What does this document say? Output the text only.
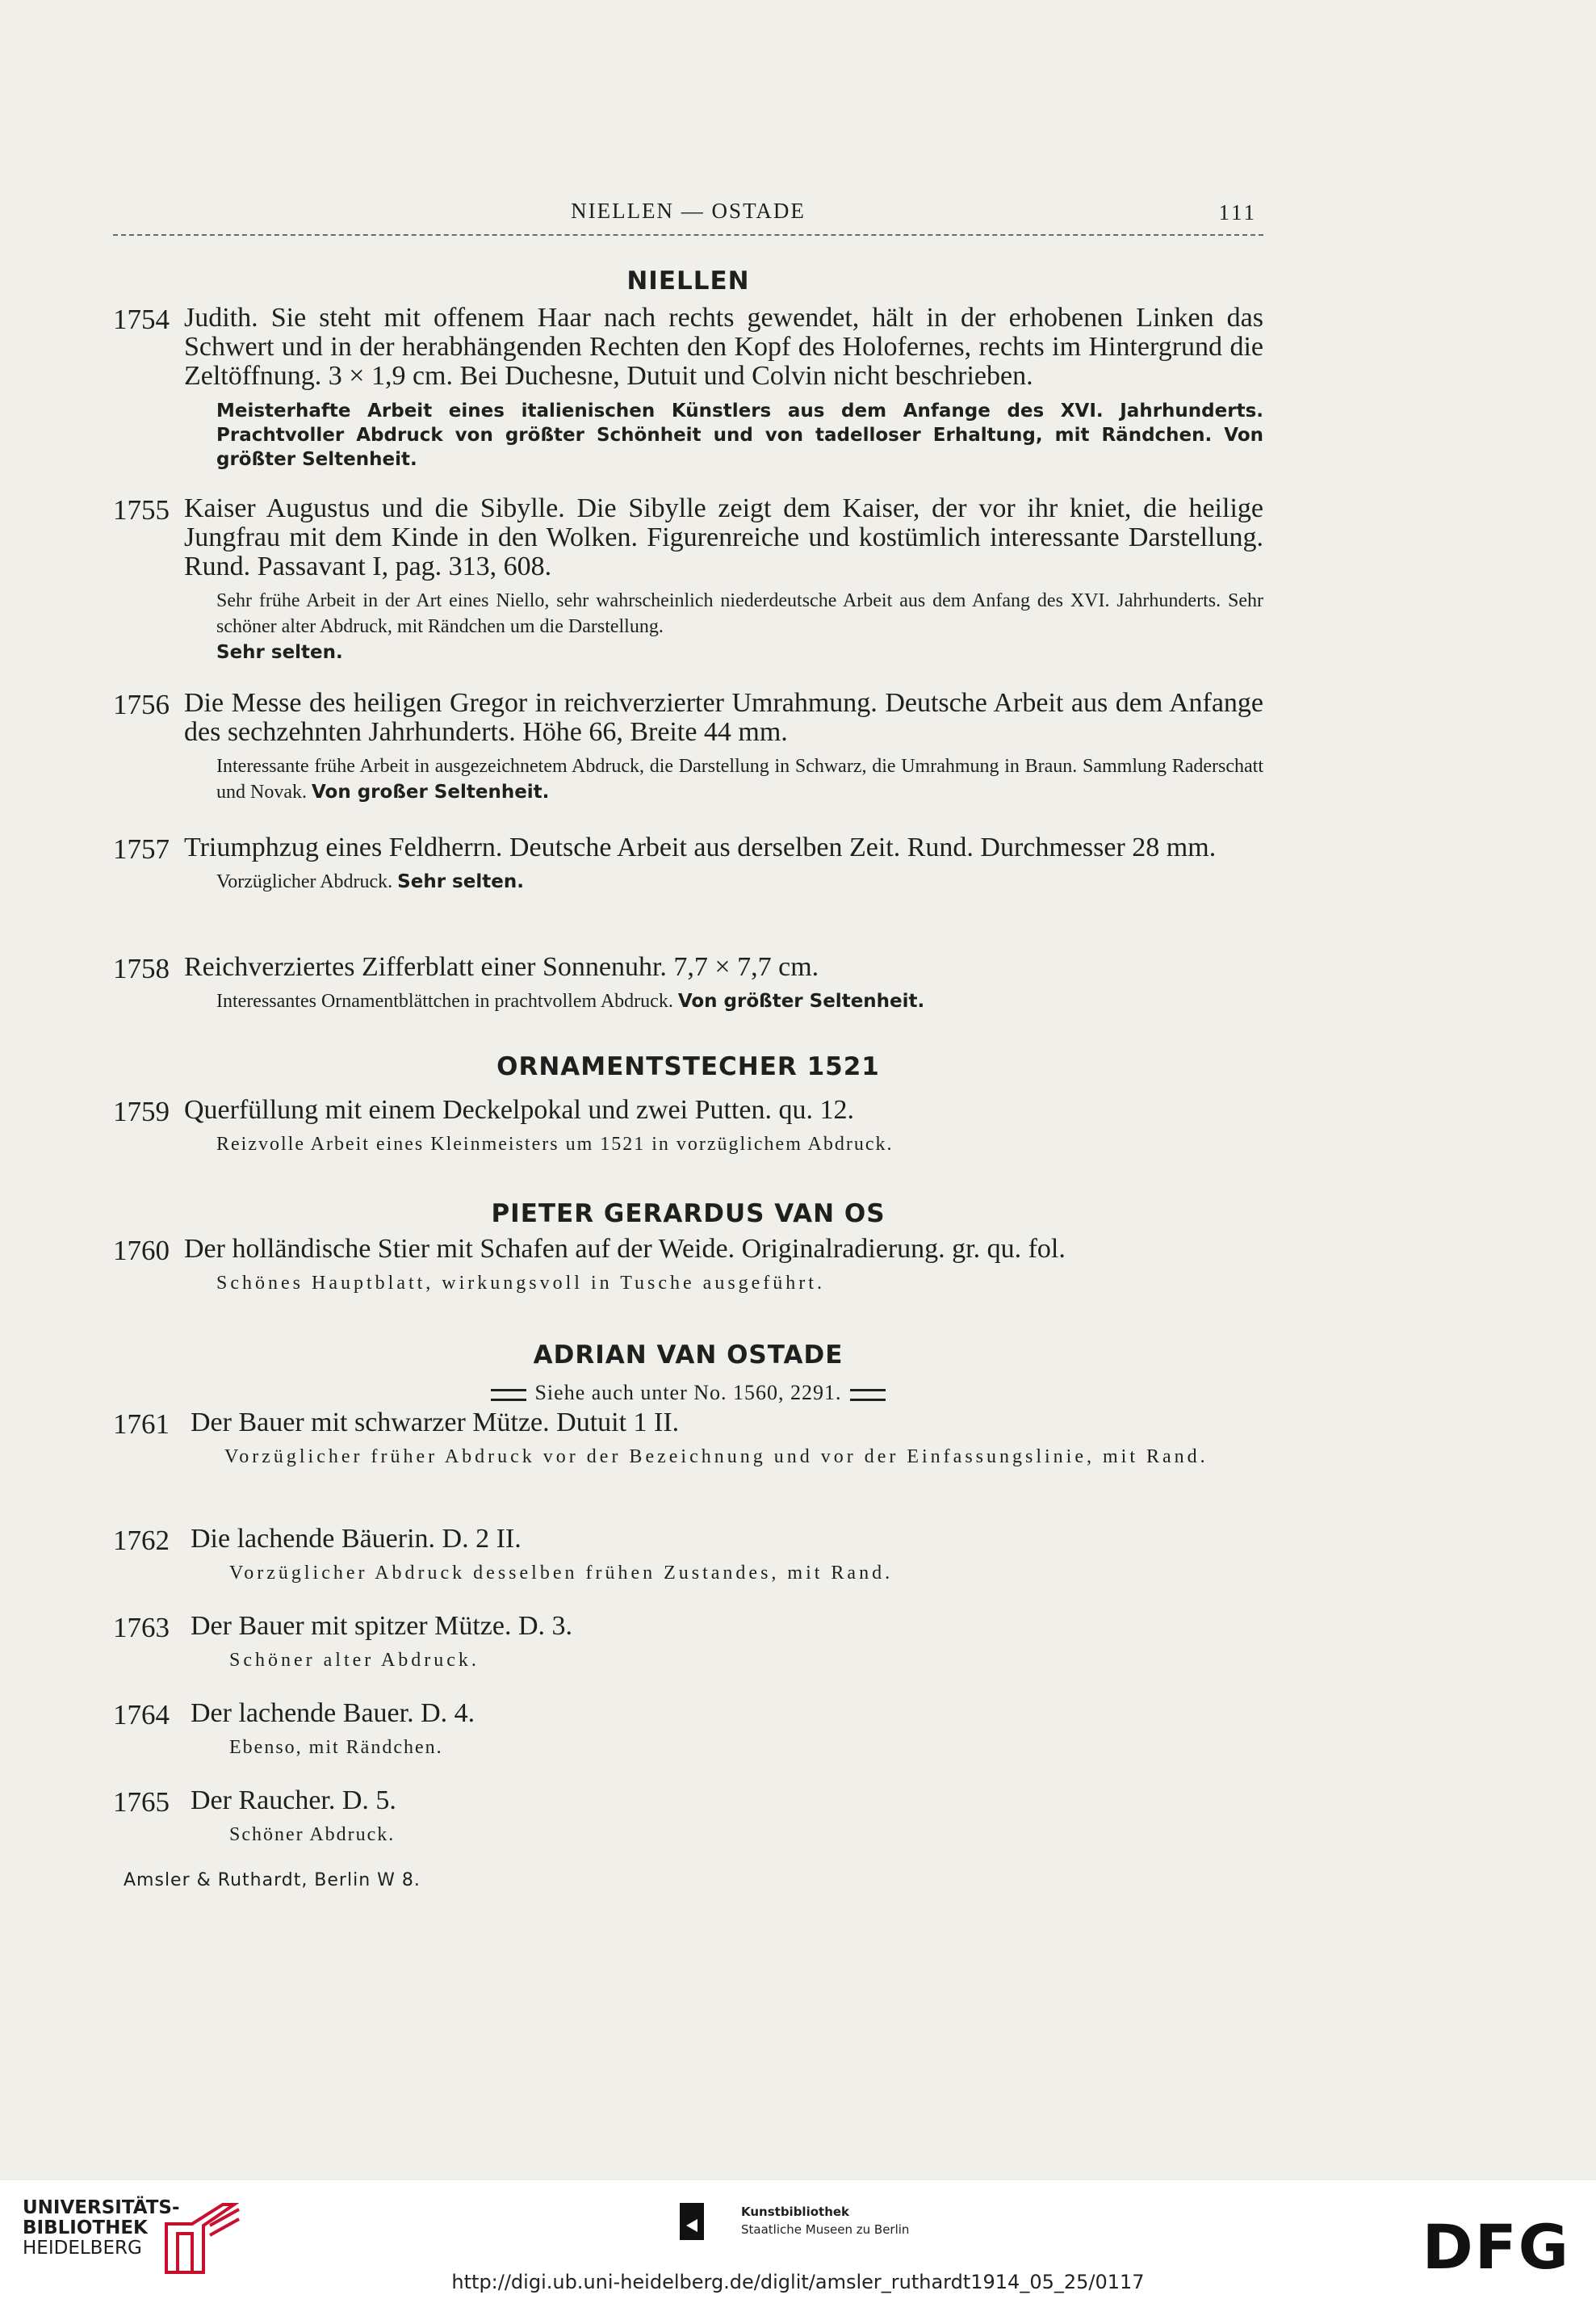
NIELLEN — OSTADE	111
NIELLEN
1754 Judith. Sie steht mit offenem Haar nach rechts gewendet, hält in der erhobenen Linken das Schwert und in der herabhängenden Rechten den Kopf des Holofernes, rechts im Hintergrund die Zeltöffnung. 3 × 1,9 cm. Bei Duchesne, Dutuit und Colvin nicht beschrieben.
Meisterhafte Arbeit eines italienischen Künstlers aus dem Anfange des XVI. Jahrhunderts. Prachtvoller Abdruck von größter Schönheit und von tadelloser Erhaltung, mit Rändchen. Von größter Seltenheit.
1755 Kaiser Augustus und die Sibylle. Die Sibylle zeigt dem Kaiser, der vor ihr kniet, die heilige Jungfrau mit dem Kinde in den Wolken. Figurenreiche und kostümlich interessante Darstellung. Rund. Passavant I, pag. 313, 608.
Sehr frühe Arbeit in der Art eines Niello, sehr wahrscheinlich niederdeutsche Arbeit aus dem Anfang des XVI. Jahrhunderts. Sehr schöner alter Abdruck, mit Rändchen um die Darstellung.
Sehr selten.
1756 Die Messe des heiligen Gregor in reichverzierter Umrahmung. Deutsche Arbeit aus dem Anfange des sechzehnten Jahrhunderts. Höhe 66, Breite 44 mm.
Interessante frühe Arbeit in ausgezeichnetem Abdruck, die Darstellung in Schwarz, die Umrahmung in Braun. Sammlung Raderschatt und Novak. Von großer Seltenheit.
1757 Triumphzug eines Feldherrn. Deutsche Arbeit aus derselben Zeit. Rund. Durchmesser 28 mm.
Vorzüglicher Abdruck. Sehr selten.
1758 Reichverziertes Zifferblatt einer Sonnenuhr. 7,7 × 7,7 cm.
Interessantes Ornamentblättchen in prachtvollem Abdruck. Von größter Seltenheit.
ORNAMENTSTECHER 1521
1759 Querfüllung mit einem Deckelpokal und zwei Putten. qu. 12.
Reizvolle Arbeit eines Kleinmeisters um 1521 in vorzüglichem Abdruck.
PIETER GERARDUS VAN OS
1760 Der holländische Stier mit Schafen auf der Weide. Originalradierung. gr. qu. fol.
Schönes Hauptblatt, wirkungsvoll in Tusche ausgeführt.
ADRIAN VAN OSTADE
Siehe auch unter No. 1560, 2291.
1761 Der Bauer mit schwarzer Mütze. Dutuit 1 II.
Vorzüglicher früher Abdruck vor der Bezeichnung und vor der Einfassungslinie, mit Rand.
1762 Die lachende Bäuerin. D. 2 II.
Vorzüglicher Abdruck desselben frühen Zustandes, mit Rand.
1763 Der Bauer mit spitzer Mütze. D. 3.
Schöner alter Abdruck.
1764 Der lachende Bauer. D. 4.
Ebenso, mit Rändchen.
1765 Der Raucher. D. 5.
Schöner Abdruck.
Amsler & Ruthardt, Berlin W 8.
UNIVERSITÄTS-
BIBLIOTHEK
HEIDELBERG
Kunstbibliothek
Staatliche Museen zu Berlin	DFG
http://digi.ub.uni-heidelberg.de/diglit/amsler_ruthardt1914_05_25/0117
